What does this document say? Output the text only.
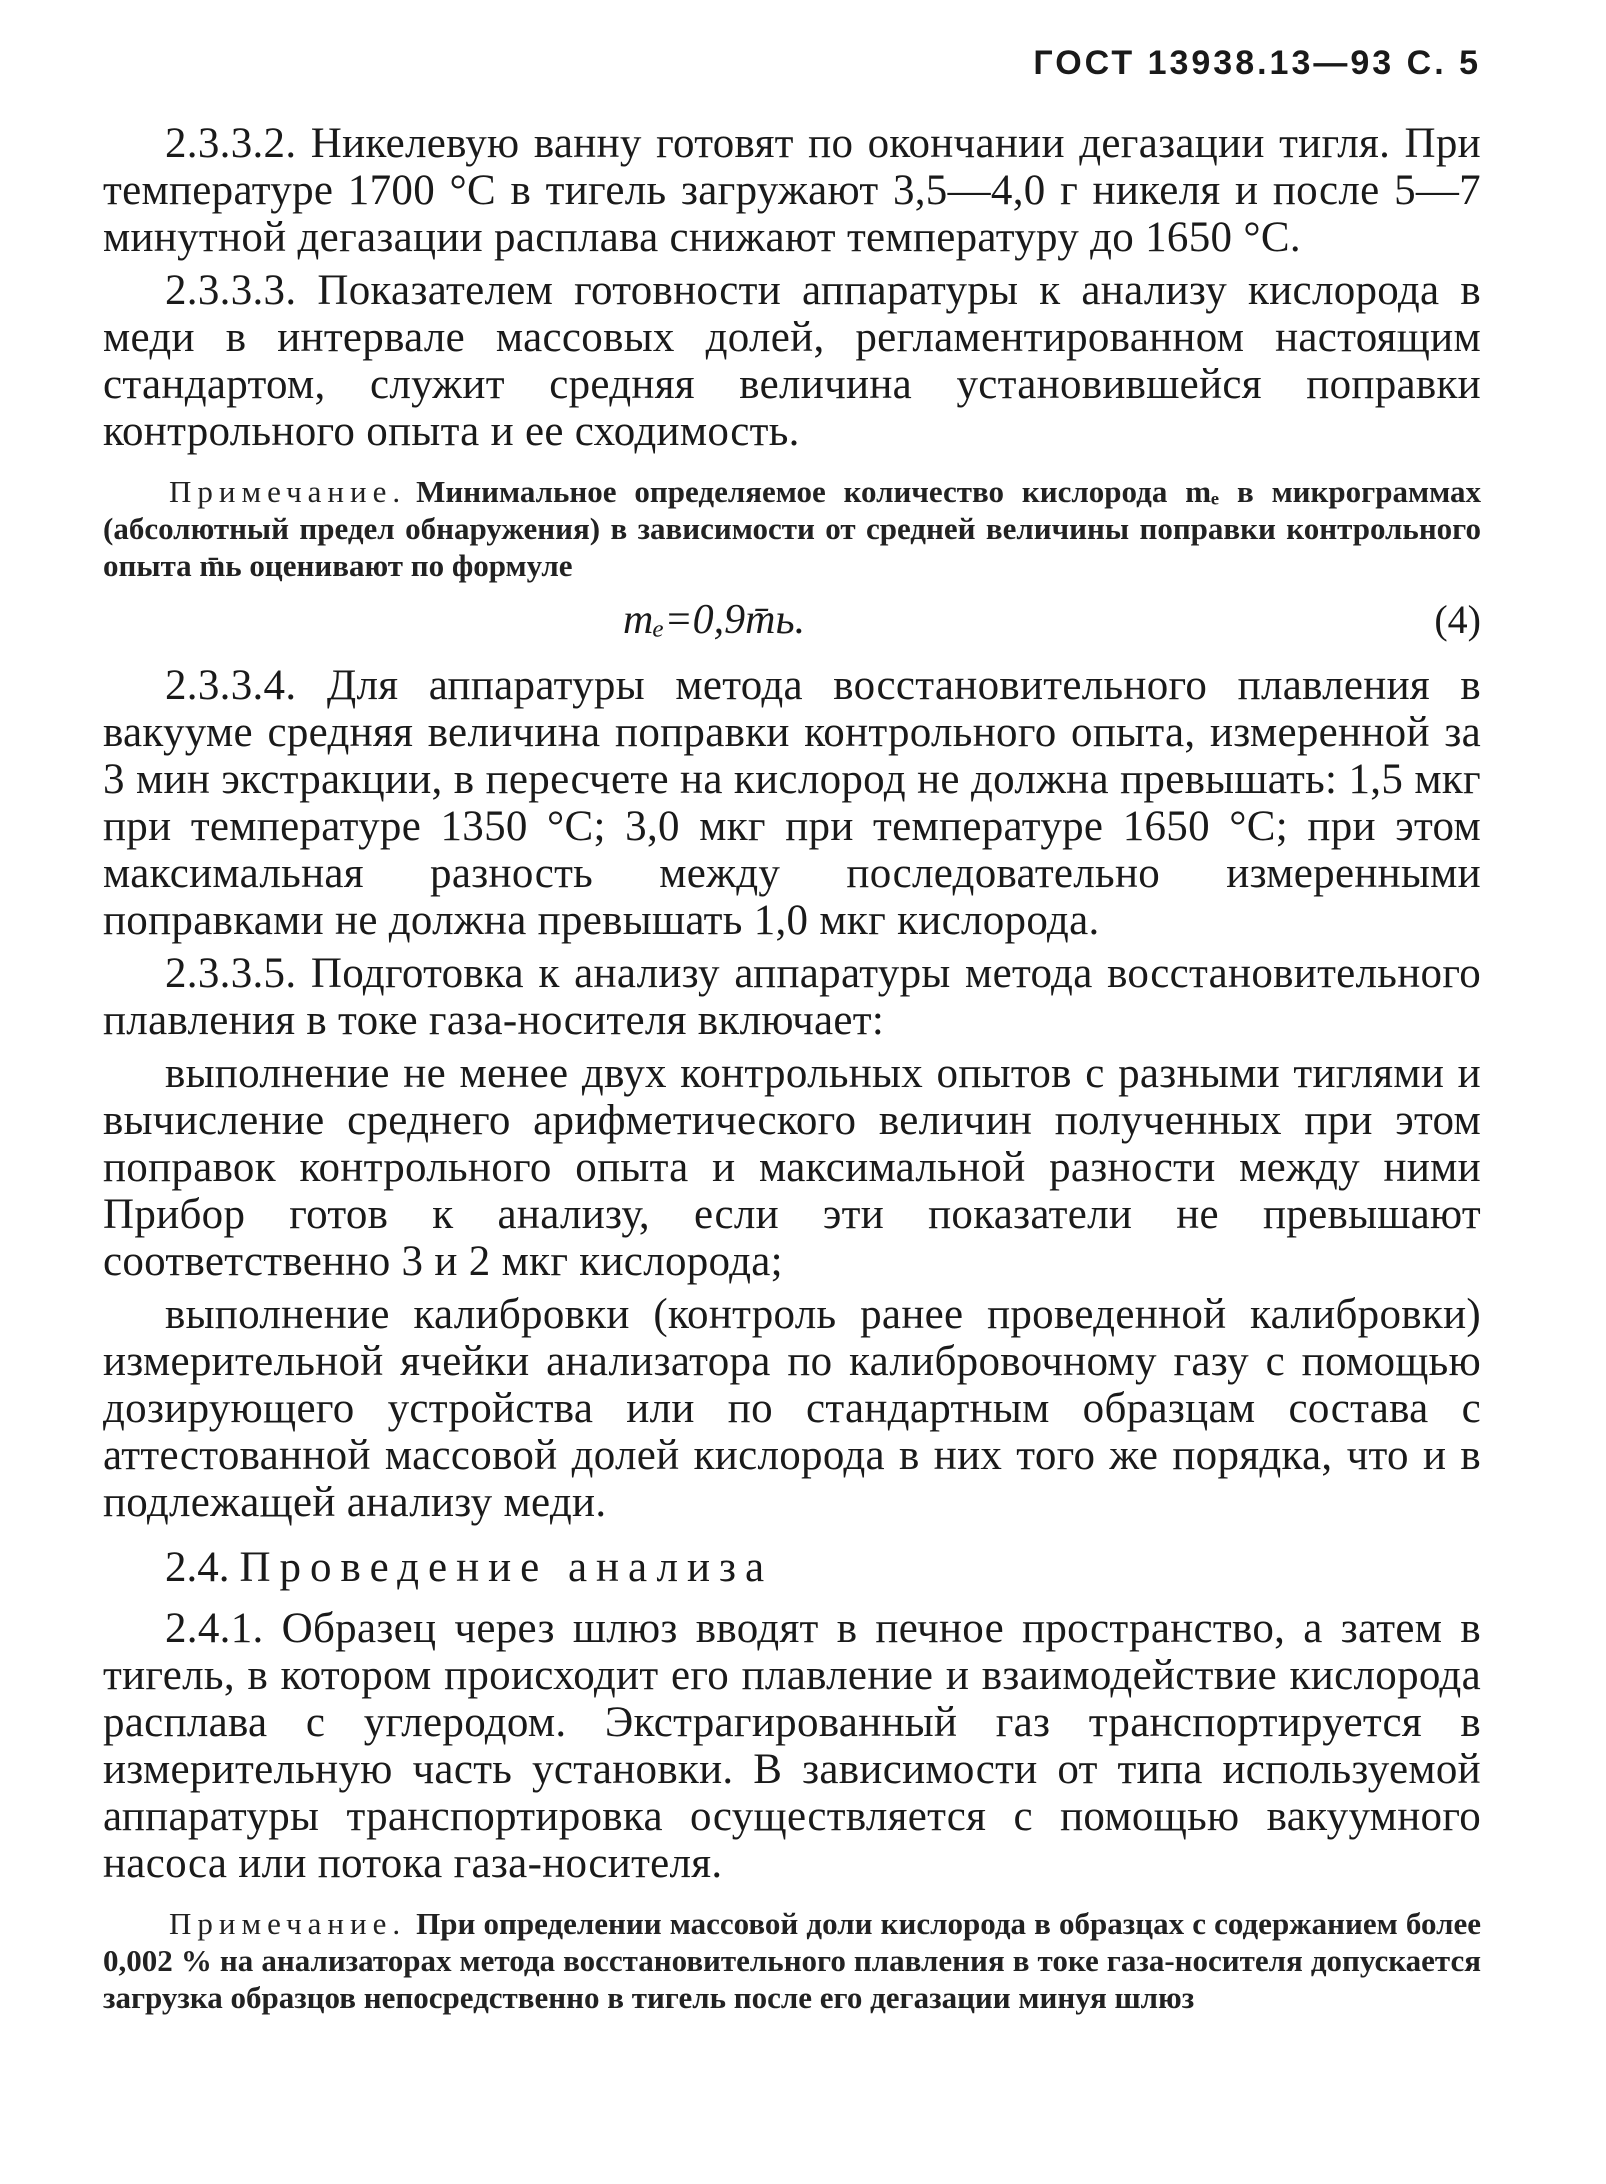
ГОСТ 13938.13—93 С. 5

2.3.3.2. Никелевую ванну готовят по окончании дегазации тигля. При температуре 1700 °С в тигель загружают 3,5—4,0 г никеля и после 5—7 минутной дегазации расплава снижают температуру до 1650 °С.

2.3.3.3. Показателем готовности аппаратуры к анализу кислорода в меди в интервале массовых долей, регламентированном настоящим стандартом, служит средняя величина установившейся поправки контрольного опыта и ее сходимость.

Примечание. Минимальное определяемое количество кислорода mₑ в микрограммах (абсолютный предел обнаружения) в зависимости от средней величины поправки контрольного опыта m̄ь оценивают по формуле

mₑ=0,9m̄ь.	(4)

2.3.3.4. Для аппаратуры метода восстановительного плавления в вакууме средняя величина поправки контрольного опыта, измеренной за 3 мин экстракции, в пересчете на кислород не должна превышать: 1,5 мкг при температуре 1350 °С; 3,0 мкг при температуре 1650 °С; при этом максимальная разность между последовательно измеренными поправками не должна превышать 1,0 мкг кислорода.

2.3.3.5. Подготовка к анализу аппаратуры метода восстановительного плавления в токе газа-носителя включает:

выполнение не менее двух контрольных опытов с разными тиглями и вычисление среднего арифметического величин полученных при этом поправок контрольного опыта и максимальной разности между ними Прибор готов к анализу, если эти показатели не превышают соответственно 3 и 2 мкг кислорода;

выполнение калибровки (контроль ранее проведенной калибровки) измерительной ячейки анализатора по калибровочному газу с помощью дозирующего устройства или по стандартным образцам состава с аттестованной массовой долей кислорода в них того же порядка, что и в подлежащей анализу меди.

2.4. Проведение анализа

2.4.1. Образец через шлюз вводят в печное пространство, а затем в тигель, в котором происходит его плавление и взаимодействие кислорода расплава с углеродом. Экстрагированный газ транспортируется в измерительную часть установки. В зависимости от типа используемой аппаратуры транспортировка осуществляется с помощью вакуумного насоса или потока газа-носителя.

Примечание. При определении массовой доли кислорода в образцах с содержанием более 0,002 % на анализаторах метода восстановительного плавления в токе газа-носителя допускается загрузка образцов непосредственно в тигель после его дегазации минуя шлюз
